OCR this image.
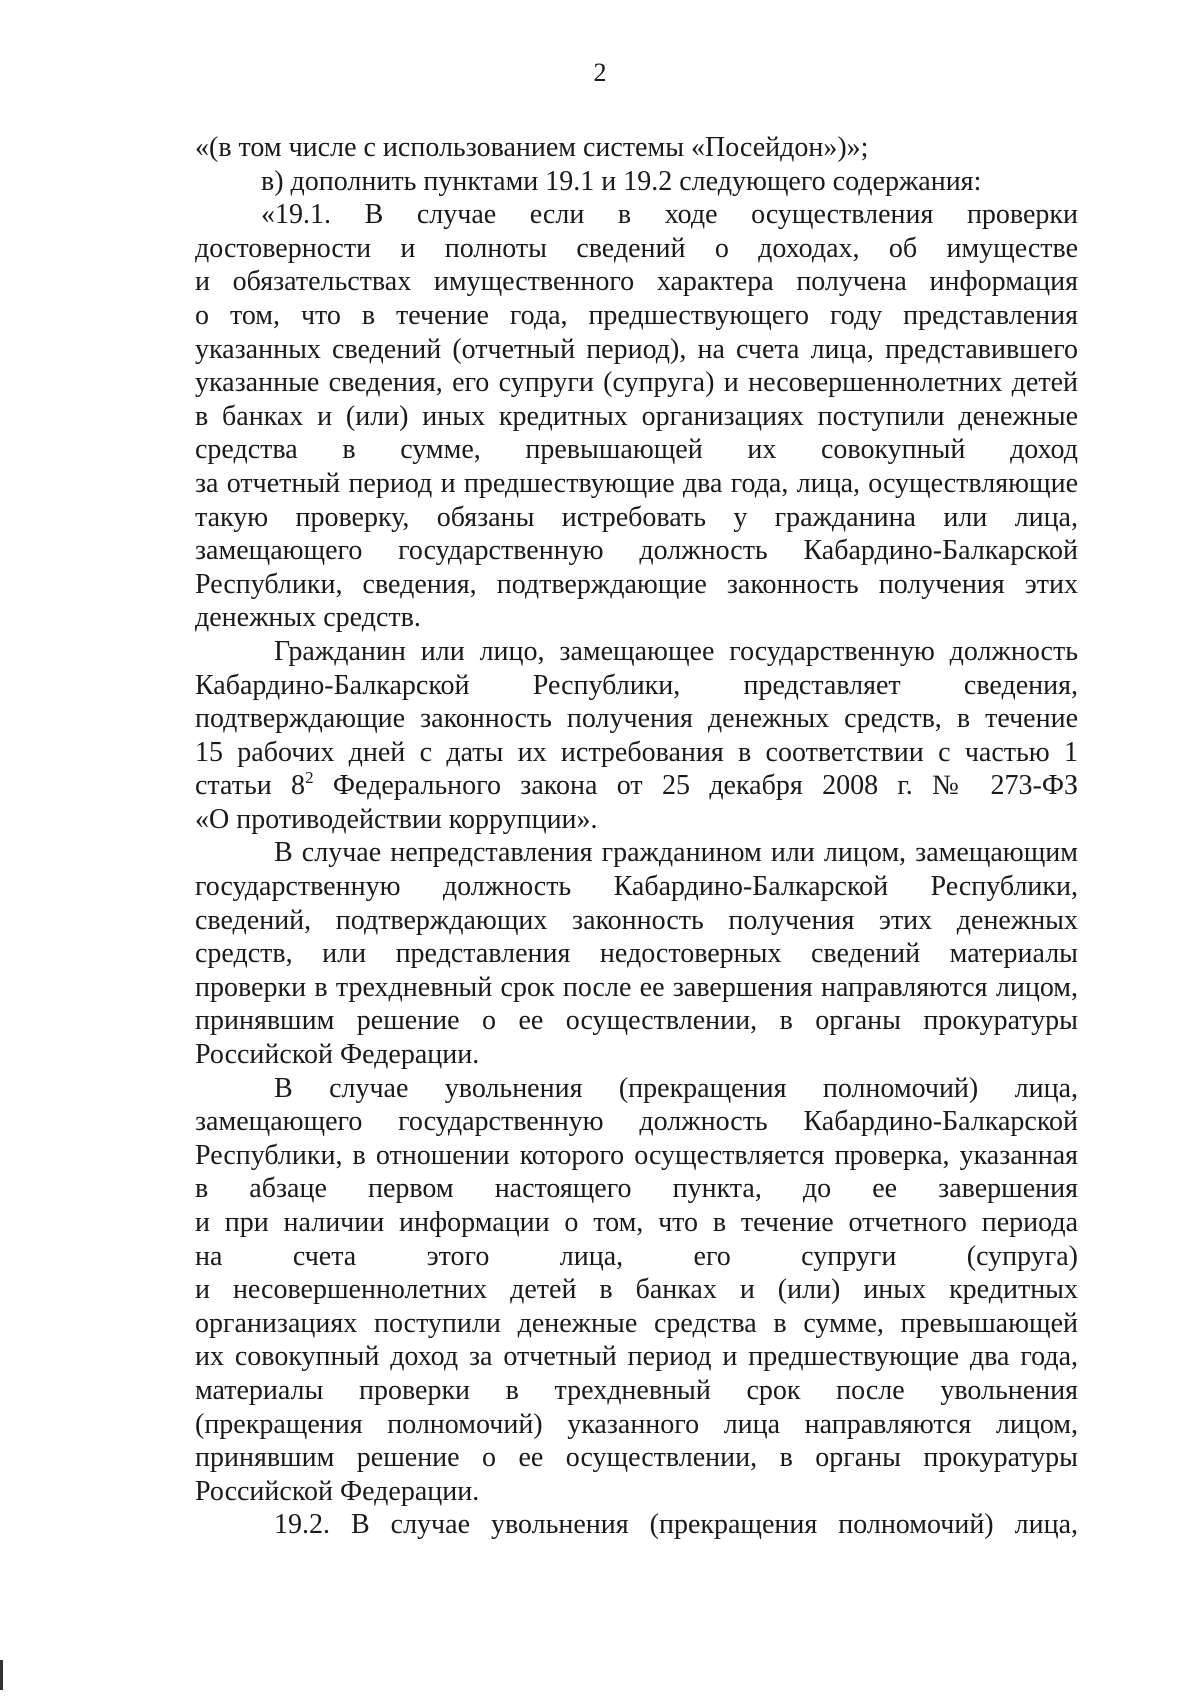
2
«(в том числе с использованием системы «Посейдон»)»;
в) дополнить пунктами 19.1 и 19.2 следующего содержания:
«19.1. В случае если в ходе осуществления проверки
достоверности и полноты сведений о доходах, об имуществе
и обязательствах имущественного характера получена информация
о том, что в течение года, предшествующего году представления
указанных сведений (отчетный период), на счета лица, представившего
указанные сведения, его супруги (супруга) и несовершеннолетних детей
в банках и (или) иных кредитных организациях поступили денежные
средства в сумме, превышающей их совокупный доход
за отчетный период и предшествующие два года, лица, осуществляющие
такую проверку, обязаны истребовать у гражданина или лица,
замещающего государственную должность Кабардино-Балкарской
Республики, сведения, подтверждающие законность получения этих
денежных средств.
Гражданин или лицо, замещающее государственную должность
Кабардино-Балкарской Республики, представляет сведения,
подтверждающие законность получения денежных средств, в течение
15 рабочих дней с даты их истребования в соответствии с частью 1
статьи $8^2$ Федерального закона от 25 декабря 2008 г. № 273-ФЗ
«О противодействии коррупции».
В случае непредставления гражданином или лицом, замещающим
государственную должность Кабардино-Балкарской Республики,
сведений, подтверждающих законность получения этих денежных
средств, или представления недостоверных сведений материалы
проверки в трехдневный срок после ее завершения направляются лицом,
принявшим решение о ее осуществлении, в органы прокуратуры
Российской Федерации.
В случае увольнения (прекращения полномочий) лица,
замещающего государственную должность Кабардино-Балкарской
Республики, в отношении которого осуществляется проверка, указанная
в абзаце первом настоящего пункта, до ее завершения
и при наличии информации о том, что в течение отчетного периода
на счета этого лица, его супруги (супруга)
и несовершеннолетних детей в банках и (или) иных кредитных
организациях поступили денежные средства в сумме, превышающей
их совокупный доход за отчетный период и предшествующие два года,
материалы проверки в трехдневный срок после увольнения
(прекращения полномочий) указанного лица направляются лицом,
принявшим решение о ее осуществлении, в органы прокуратуры
Российской Федерации.
19.2. В случае увольнения (прекращения полномочий) лица,
